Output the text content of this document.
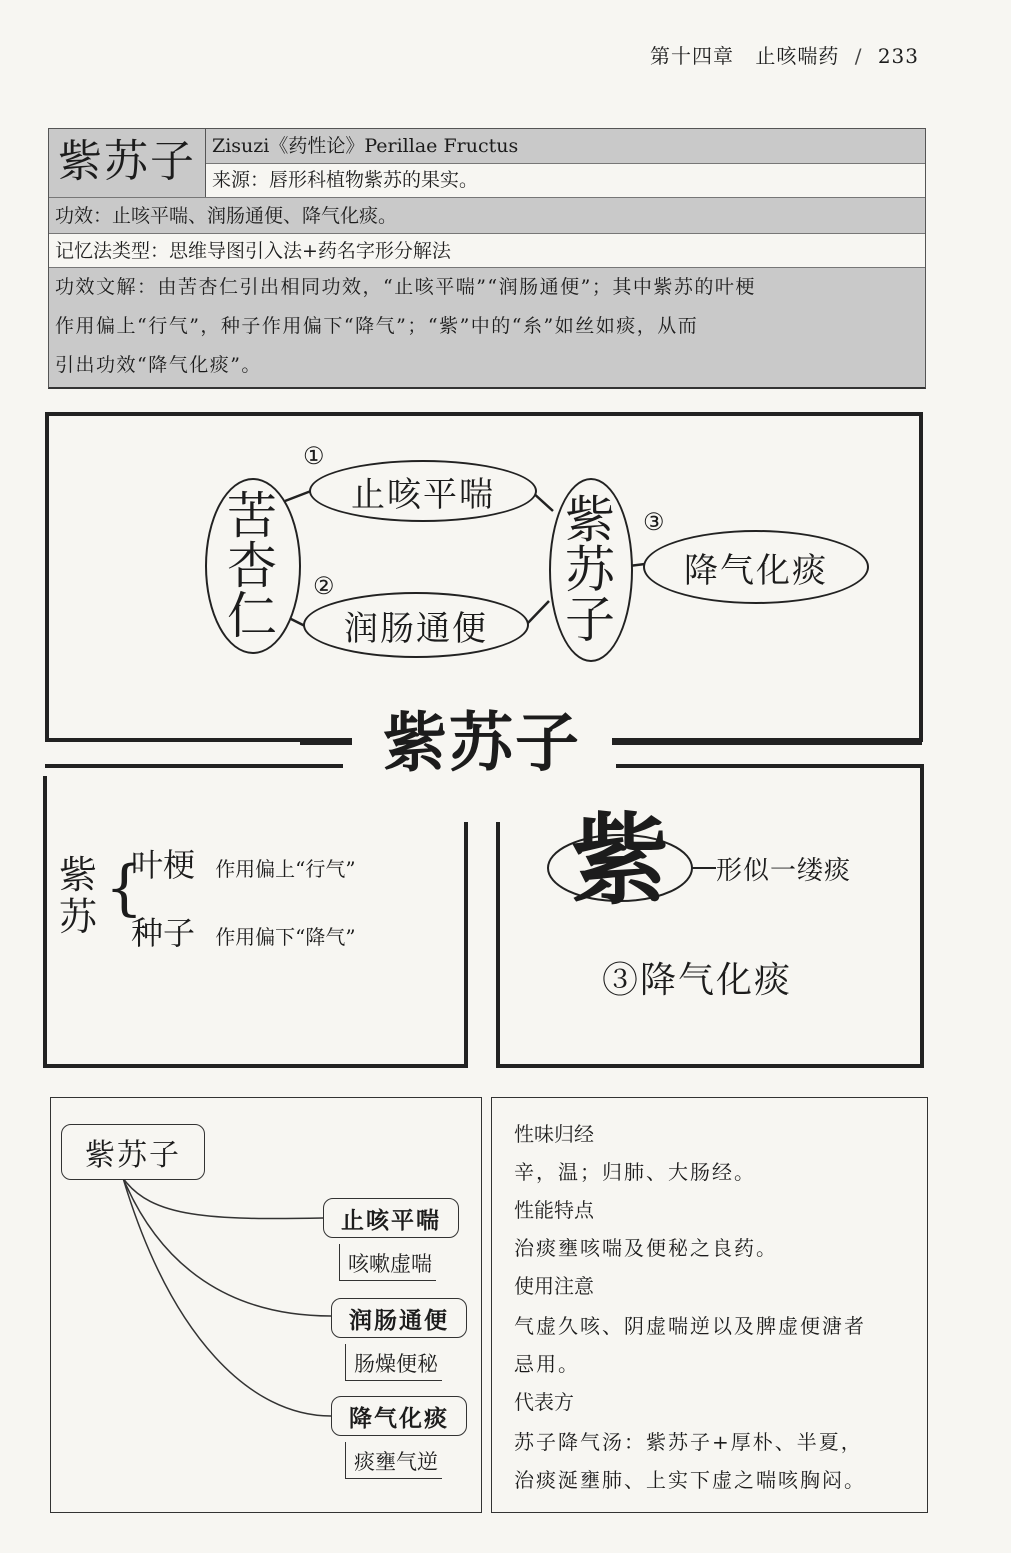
第十四章 止咳喘药 / 233
紫苏子 Zisuzi《药性论》Perillae Fructus
来源：唇形科植物紫苏的果实。
功效：止咳平喘、润肠通便、降气化痰。
记忆法类型：思维导图引入法+药名字形分解法
功效文解：由苦杏仁引出相同功效，“止咳平喘”“润肠通便”；其中紫苏的叶梗
作用偏上“行气”，种子作用偏下“降气”；“紫”中的“糸”如丝如痰，从而
引出功效“降气化痰”。
苦
杏
仁
紫
苏
子
止咳平喘
润肠通便
降气化痰
①
②
③
紫
苏 {
叶梗 作用偏上“行气”
种子 作用偏下“降气”
紫 形似一缕痰
③降气化痰
紫苏子
紫苏子
止咳平喘
咳嗽虚喘
润肠通便
肠燥便秘
降气化痰
痰壅气逆
性味归经
辛，温；归肺、大肠经。
性能特点
治痰壅咳喘及便秘之良药。
使用注意
气虚久咳、阴虚喘逆以及脾虚便溏者
忌用。
代表方
苏子降气汤：紫苏子+厚朴、半夏，
治痰涎壅肺、上实下虚之喘咳胸闷。
